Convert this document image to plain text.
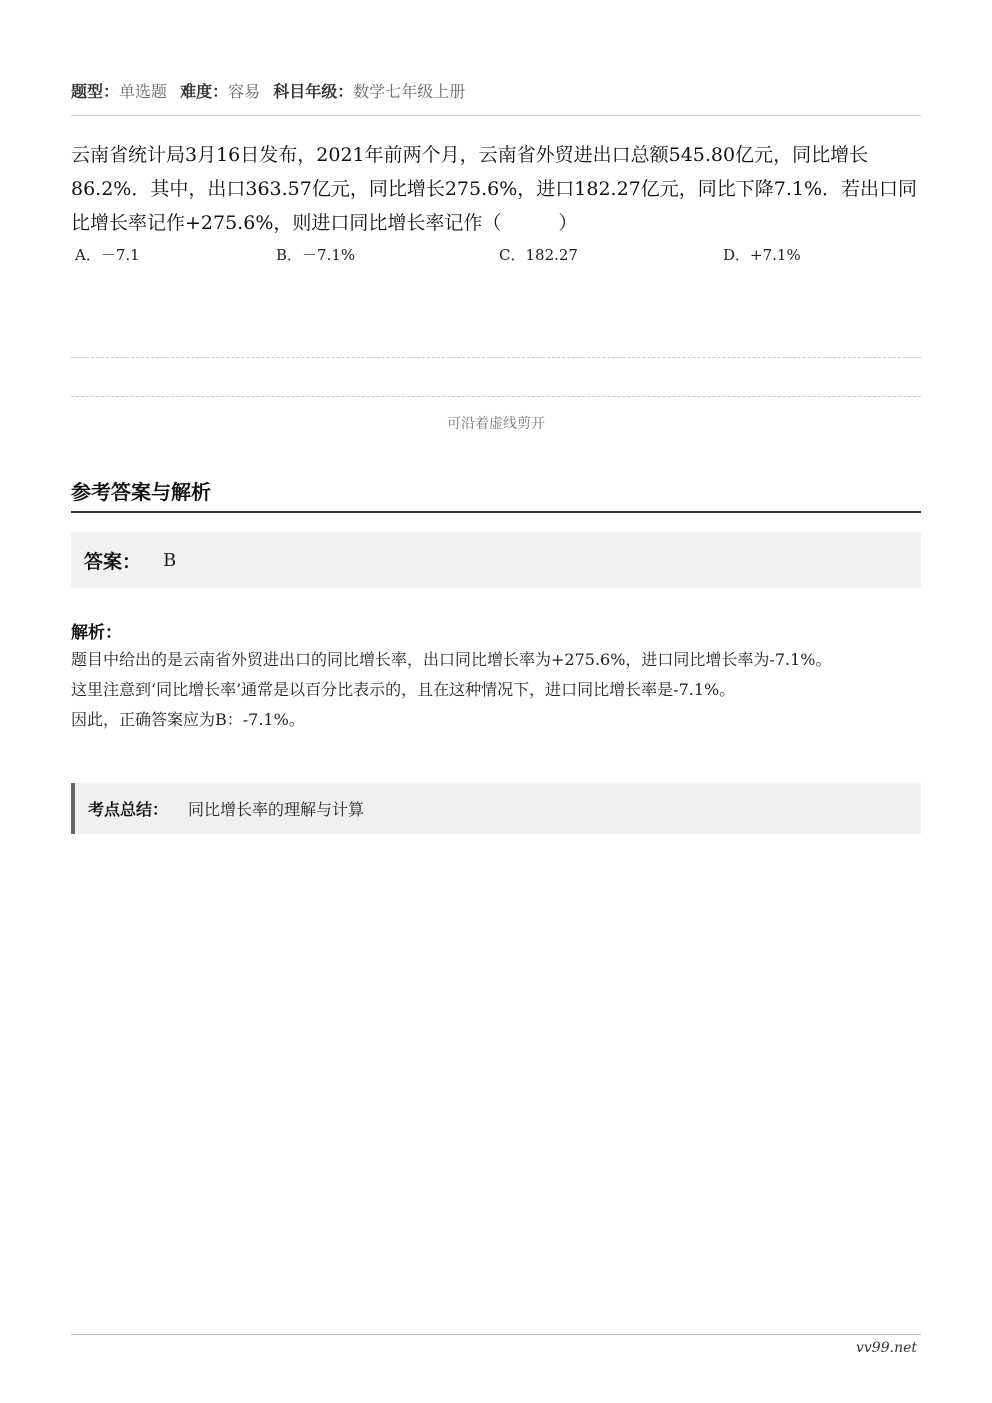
题型：单选题 难度：容易 科目年级：数学七年级上册
云南省统计局3月16日发布，2021年前两个月，云南省外贸进出口总额545.80亿元，同比增长86.2%．其中，出口363.57亿元，同比增长275.6%，进口182.27亿元，同比下降7.1%．若出口同比增长率记作+275.6%，则进口同比增长率记作（　　　）
A．－7.1	B．－7.1%	C．182.27	D．+7.1%
可沿着虚线剪开
参考答案与解析
答案： B
解析：

题目中给出的是云南省外贸进出口的同比增长率，出口同比增长率为+275.6%，进口同比增长率为-7.1%。

这里注意到‘同比增长率’通常是以百分比表示的，且在这种情况下，进口同比增长率是-7.1%。

因此，正确答案应为B：-7.1%。

考点总结： 同比增长率的理解与计算
vv99.net
